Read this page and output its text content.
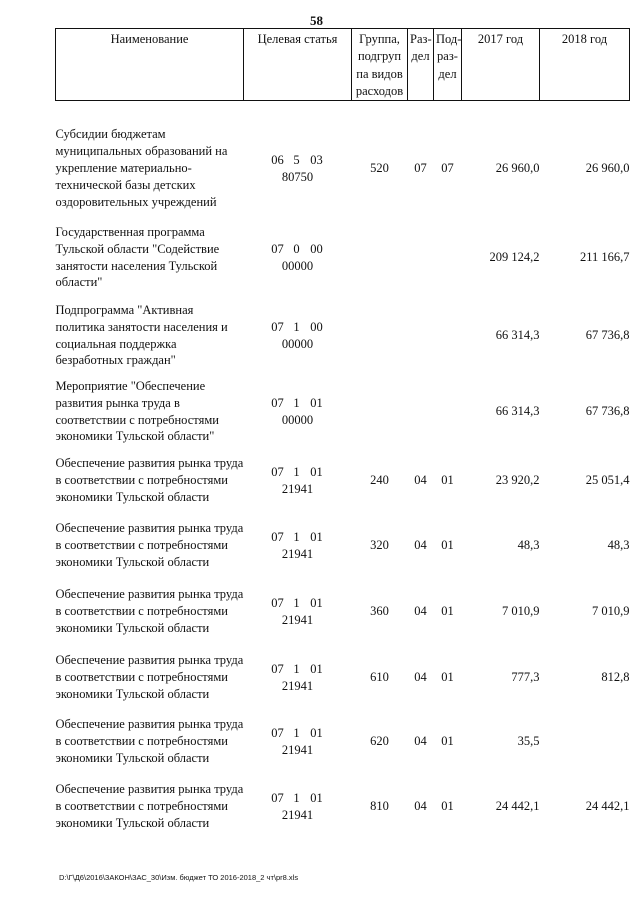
58
Наименование	Целевая статья	Группа, подгруп па видов расходов	Раз- дел	Под- раз- дел	2017 год	2018 год

Субсидии бюджетам муниципальных образований на укрепление материально-технической базы детских оздоровительных учреждений	06 5 0380750	520	07	07	26 960,0	26 960,0
Государственная программа Тульской области "Содействие занятости населения Тульской области"	07 0 0000000				209 124,2	211 166,7
Подпрограмма "Активная политика занятости населения и социальная поддержка безработных граждан"	07 1 0000000				66 314,3	67 736,8
Мероприятие "Обеспечение развития рынка труда в соответствии с потребностями экономики Тульской области"	07 1 0100000				66 314,3	67 736,8
Обеспечение развития рынка труда в соответствии с потребностями экономики Тульской области	07 1 0121941	240	04	01	23 920,2	25 051,4
Обеспечение развития рынка труда в соответствии с потребностями экономики Тульской области	07 1 0121941	320	04	01	48,3	48,3
Обеспечение развития рынка труда в соответствии с потребностями экономики Тульской области	07 1 0121941	360	04	01	7 010,9	7 010,9
Обеспечение развития рынка труда в соответствии с потребностями экономики Тульской области	07 1 0121941	610	04	01	777,3	812,8
Обеспечение развития рынка труда в соответствии с потребностями экономики Тульской области	07 1 0121941	620	04	01	35,5	
Обеспечение развития рынка труда в соответствии с потребностями экономики Тульской области	07 1 0121941	810	04	01	24 442,1	24 442,1
D:\Г\Д6\2016\ЗАКОН\ЗАС_30\Изм. бюджет ТО 2016-2018_2 чт\pr8.xls
